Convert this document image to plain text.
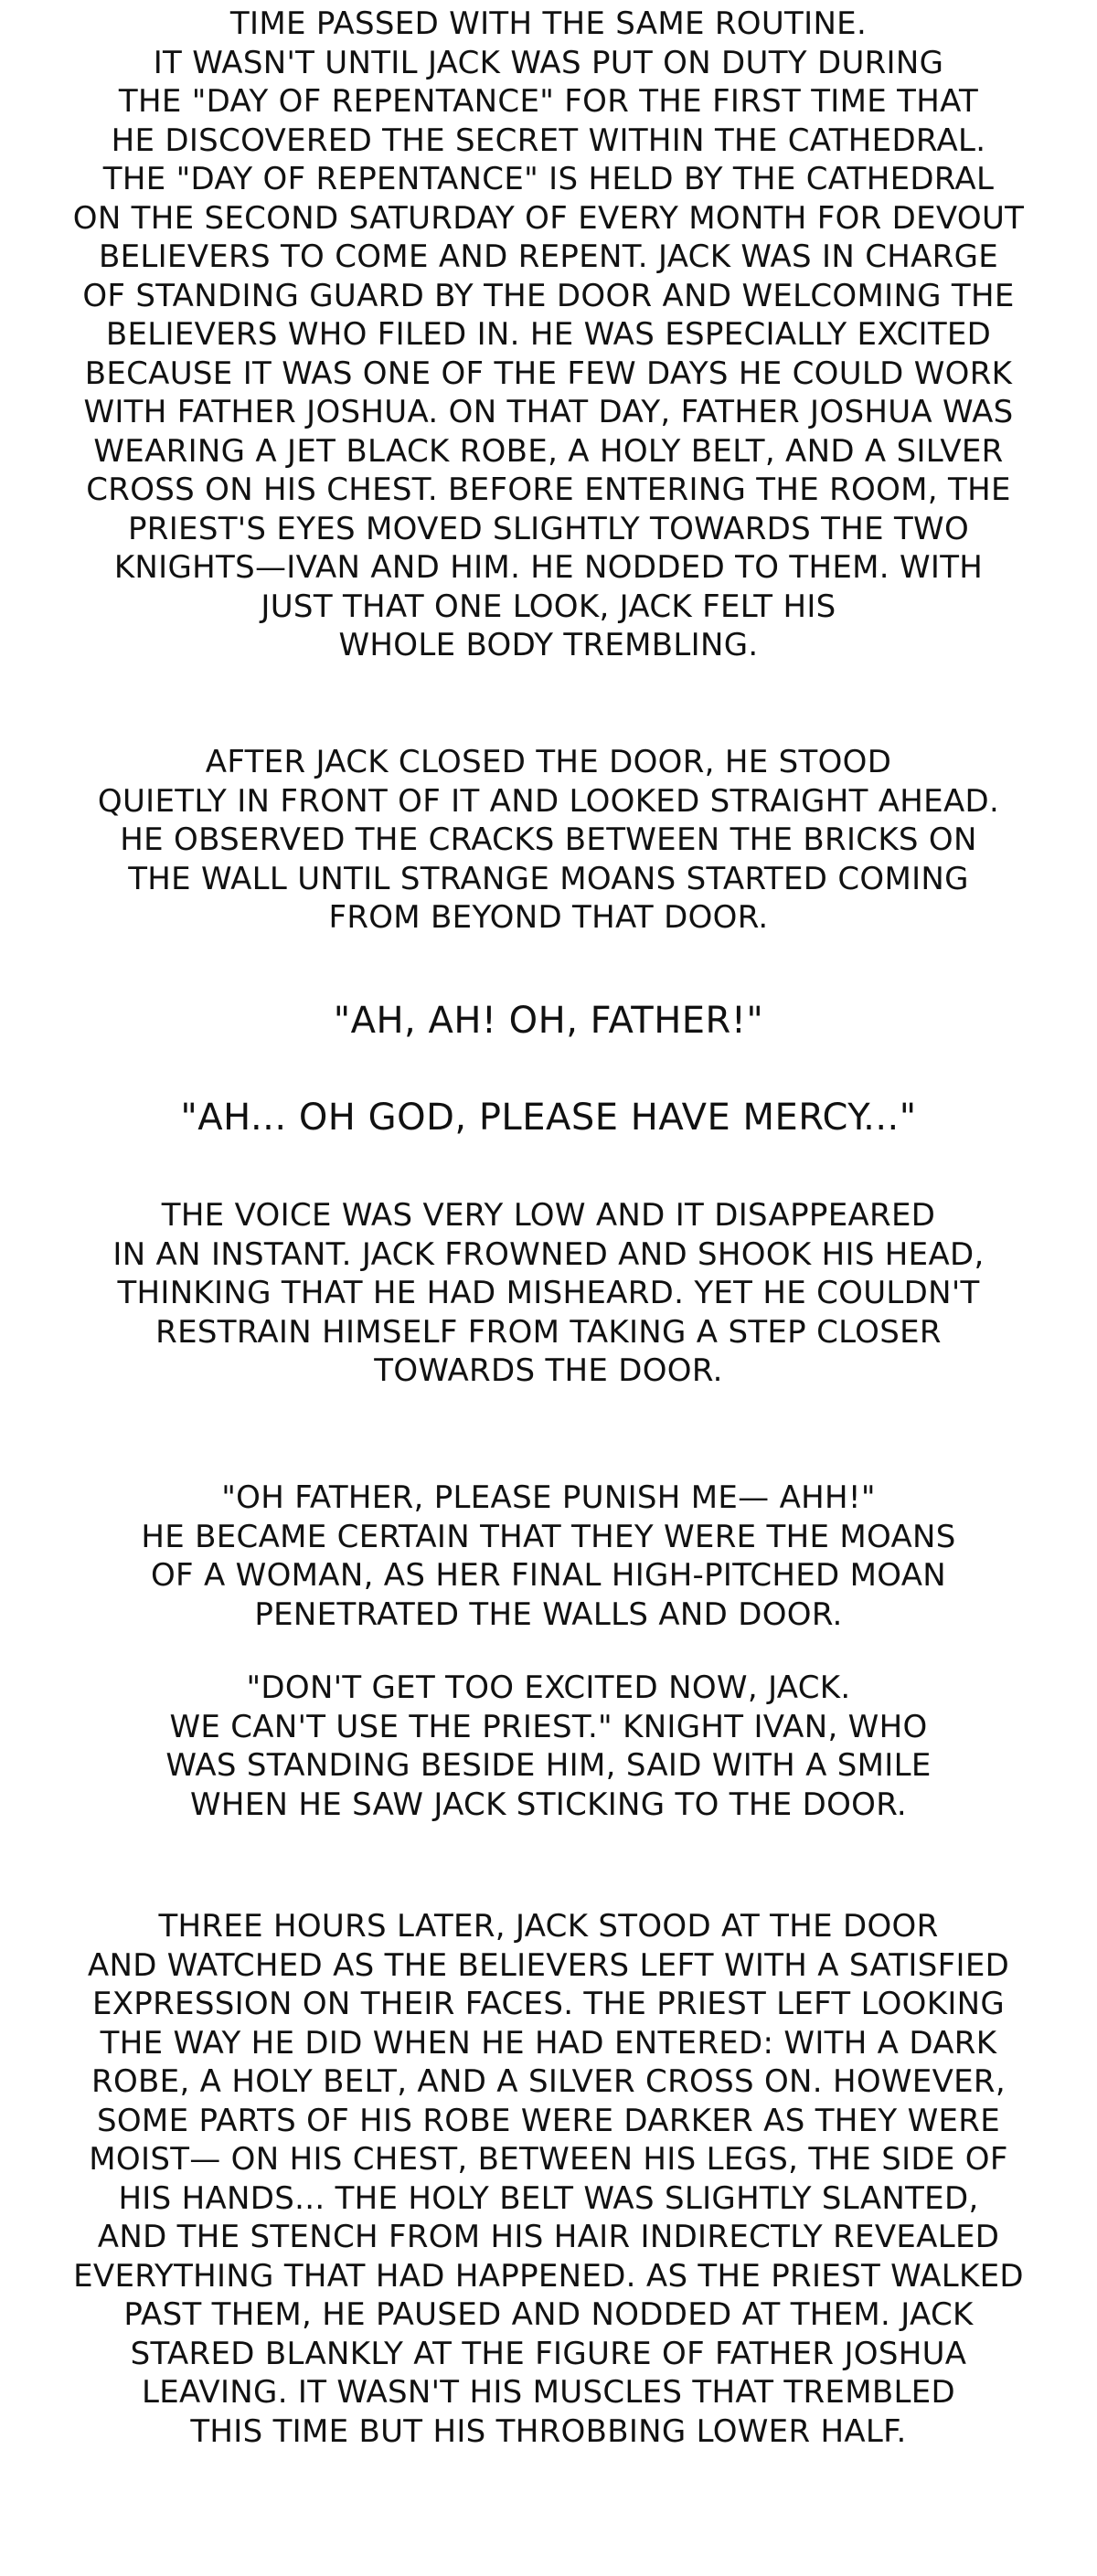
TIME PASSED WITH THE SAME ROUTINE.
IT WASN'T UNTIL JACK WAS PUT ON DUTY DURING
THE "DAY OF REPENTANCE" FOR THE FIRST TIME THAT
HE DISCOVERED THE SECRET WITHIN THE CATHEDRAL.
THE "DAY OF REPENTANCE" IS HELD BY THE CATHEDRAL
ON THE SECOND SATURDAY OF EVERY MONTH FOR DEVOUT
BELIEVERS TO COME AND REPENT. JACK WAS IN CHARGE
OF STANDING GUARD BY THE DOOR AND WELCOMING THE
BELIEVERS WHO FILED IN. HE WAS ESPECIALLY EXCITED
BECAUSE IT WAS ONE OF THE FEW DAYS HE COULD WORK
WITH FATHER JOSHUA. ON THAT DAY, FATHER JOSHUA WAS
WEARING A JET BLACK ROBE, A HOLY BELT, AND A SILVER
CROSS ON HIS CHEST. BEFORE ENTERING THE ROOM, THE
PRIEST'S EYES MOVED SLIGHTLY TOWARDS THE TWO
KNIGHTS—IVAN AND HIM. HE NODDED TO THEM. WITH
JUST THAT ONE LOOK, JACK FELT HIS
WHOLE BODY TREMBLING.
AFTER JACK CLOSED THE DOOR, HE STOOD
QUIETLY IN FRONT OF IT AND LOOKED STRAIGHT AHEAD.
HE OBSERVED THE CRACKS BETWEEN THE BRICKS ON
THE WALL UNTIL STRANGE MOANS STARTED COMING
FROM BEYOND THAT DOOR.
"AH, AH! OH, FATHER!"
"AH... OH GOD, PLEASE HAVE MERCY..."
THE VOICE WAS VERY LOW AND IT DISAPPEARED
IN AN INSTANT. JACK FROWNED AND SHOOK HIS HEAD,
THINKING THAT HE HAD MISHEARD. YET HE COULDN'T
RESTRAIN HIMSELF FROM TAKING A STEP CLOSER
TOWARDS THE DOOR.
"OH FATHER, PLEASE PUNISH ME— AHH!"
HE BECAME CERTAIN THAT THEY WERE THE MOANS
OF A WOMAN, AS HER FINAL HIGH-PITCHED MOAN
PENETRATED THE WALLS AND DOOR.
"DON'T GET TOO EXCITED NOW, JACK.
WE CAN'T USE THE PRIEST." KNIGHT IVAN, WHO
WAS STANDING BESIDE HIM, SAID WITH A SMILE
WHEN HE SAW JACK STICKING TO THE DOOR.
THREE HOURS LATER, JACK STOOD AT THE DOOR
AND WATCHED AS THE BELIEVERS LEFT WITH A SATISFIED
EXPRESSION ON THEIR FACES. THE PRIEST LEFT LOOKING
THE WAY HE DID WHEN HE HAD ENTERED: WITH A DARK
ROBE, A HOLY BELT, AND A SILVER CROSS ON. HOWEVER,
SOME PARTS OF HIS ROBE WERE DARKER AS THEY WERE
MOIST— ON HIS CHEST, BETWEEN HIS LEGS, THE SIDE OF
HIS HANDS... THE HOLY BELT WAS SLIGHTLY SLANTED,
AND THE STENCH FROM HIS HAIR INDIRECTLY REVEALED
EVERYTHING THAT HAD HAPPENED. AS THE PRIEST WALKED
PAST THEM, HE PAUSED AND NODDED AT THEM. JACK
STARED BLANKLY AT THE FIGURE OF FATHER JOSHUA
LEAVING. IT WASN'T HIS MUSCLES THAT TREMBLED
THIS TIME BUT HIS THROBBING LOWER HALF.
